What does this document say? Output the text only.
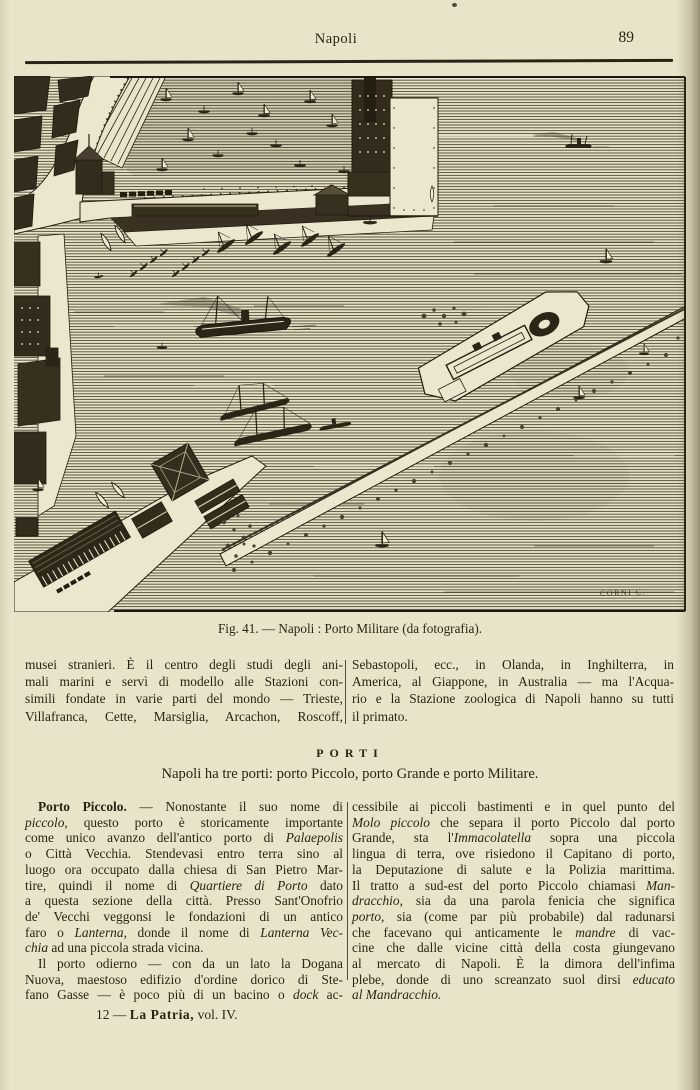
Napoli	89
CORNI C.
Fig. 41. — Napoli : Porto Militare (da fotografia).
musei stranieri. È il centro degli studi degli ani-
mali marini e servì di modello alle Stazioni con-
simili fondate in varie parti del mondo — Trieste,
Villafranca, Cette, Marsiglia, Arcachon, Roscoff,
Sebastopoli, ecc., in Olanda, in Inghilterra, in
America, al Giappone, in Australia — ma l'Acqua-
rio e la Stazione zoologica di Napoli hanno su tutti
il primato.
PORTI
Napoli ha tre porti: porto Piccolo, porto Grande e porto Militare.
Porto Piccolo. — Nonostante il suo nome di
piccolo, questo porto è storicamente importante
come unico avanzo dell'antico porto di Palaepolis
o Città Vecchia. Stendevasi entro terra sino al
luogo ora occupato dalla chiesa di San Pietro Mar-
tire, quindi il nome di Quartiere di Porto dato
a questa sezione della città. Presso Sant'Onofrio
de' Vecchi veggonsi le fondazioni di un antico
faro o Lanterna, donde il nome di Lanterna Vec-
chia ad una piccola strada vicina.
Il porto odierno — con da un lato la Dogana
Nuova, maestoso edifizio d'ordine dorico di Ste-
fano Gasse — è poco più di un bacino o dock ac-
cessibile ai piccoli bastimenti e in quel punto del
Molo piccolo che separa il porto Piccolo dal porto
Grande, sta l'Immacolatella sopra una piccola
lingua di terra, ove risiedono il Capitano di porto,
la Deputazione di salute e la Polizia marittima.
Il tratto a sud-est del porto Piccolo chiamasi Man-
dracchio, sia da una parola fenicia che significa
porto, sia (come par più probabile) dal radunarsi
che facevano qui anticamente le mandre di vac-
cine che dalle vicine città della costa giungevano
al mercato di Napoli. È la dimora dell'infima
plebe, donde di uno screanzato suol dirsi educato
al Mandracchio.
12 — La Patria, vol. IV.
